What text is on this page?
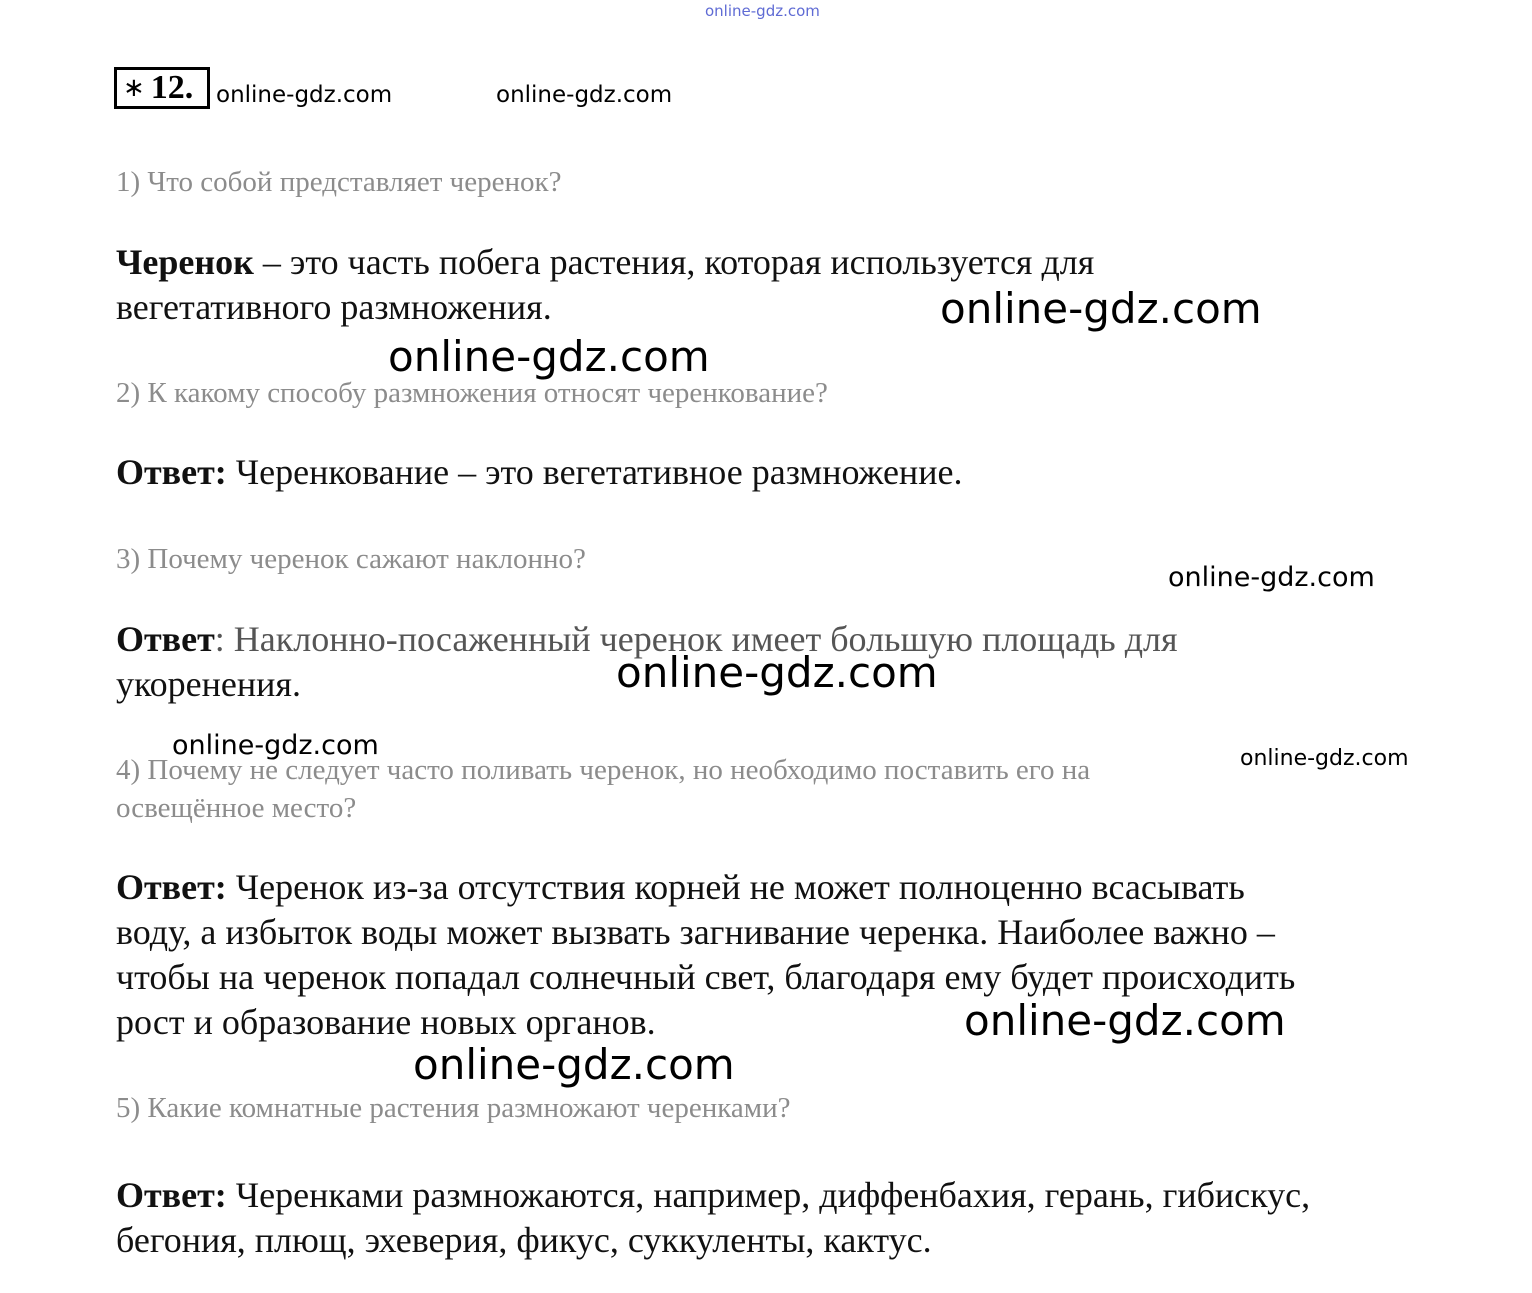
online-gdz.com
∗ 12. online-gdz.com	online-gdz.com
1) Что собой представляет черенок?
Черенок – это часть побега растения, которая используется для
вегетативного размножения.
2) К какому способу размножения относят черенкование?
Ответ: Черенкование – это вегетативное размножение.
3) Почему черенок сажают наклонно?
Ответ: Наклонно-посаженный черенок имеет большую площадь для
укоренения.
4) Почему не следует часто поливать черенок, но необходимо поставить его на
освещённое место?
Ответ: Черенок из-за отсутствия корней не может полноценно всасывать
воду, а избыток воды может вызвать загнивание черенка. Наиболее важно –
чтобы на черенок попадал солнечный свет, благодаря ему будет происходить
рост и образование новых органов.
5) Какие комнатные растения размножают черенками?
Ответ: Черенками размножаются, например, диффенбахия, герань, гибискус,
бегония, плющ, эхеверия, фикус, суккуленты, кактус.
online-gdz.com
online-gdz.com
online-gdz.com
online-gdz.com
online-gdz.com	online-gdz.com
online-gdz.com
online-gdz.com
